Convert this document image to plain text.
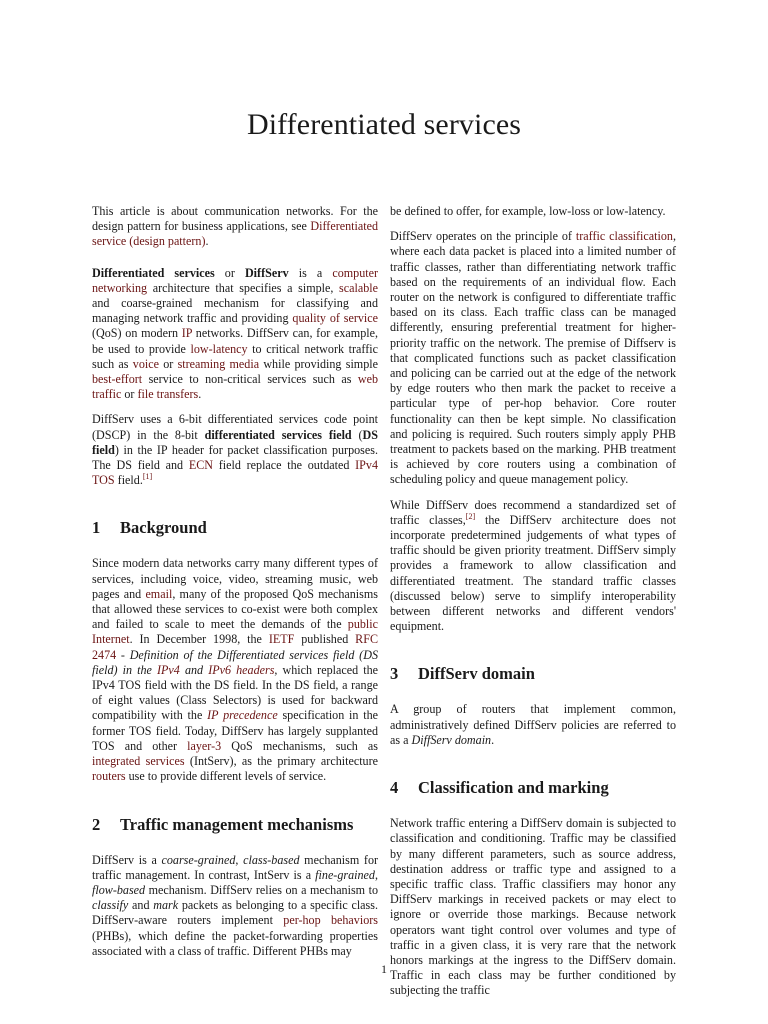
Differentiated services

This article is about communication networks. For the design pattern for business applications, see Differentiated service (design pattern).

Differentiated services or DiffServ is a computer networking architecture that specifies a simple, scalable and coarse-grained mechanism for classifying and managing network traffic and providing quality of service (QoS) on modern IP networks. DiffServ can, for example, be used to provide low-latency to critical network traffic such as voice or streaming media while providing simple best-effort service to non-critical services such as web traffic or file transfers.

DiffServ uses a 6-bit differentiated services code point (DSCP) in the 8-bit differentiated services field (DS field) in the IP header for packet classification purposes. The DS field and ECN field replace the outdated IPv4 TOS field.[1]

1 Background

Since modern data networks carry many different types of services, including voice, video, streaming music, web pages and email, many of the proposed QoS mechanisms that allowed these services to co-exist were both complex and failed to scale to meet the demands of the public Internet. In December 1998, the IETF published RFC 2474 - Definition of the Differentiated services field (DS field) in the IPv4 and IPv6 headers, which replaced the IPv4 TOS field with the DS field. In the DS field, a range of eight values (Class Selectors) is used for backward compatibility with the IP precedence specification in the former TOS field. Today, DiffServ has largely supplanted TOS and other layer-3 QoS mechanisms, such as integrated services (IntServ), as the primary architecture routers use to provide different levels of service.

2 Traffic management mechanisms

DiffServ is a coarse-grained, class-based mechanism for traffic management. In contrast, IntServ is a fine-grained, flow-based mechanism. DiffServ relies on a mechanism to classify and mark packets as belonging to a specific class. DiffServ-aware routers implement per-hop behaviors (PHBs), which define the packet-forwarding properties associated with a class of traffic. Different PHBs may

be defined to offer, for example, low-loss or low-latency.

DiffServ operates on the principle of traffic classification, where each data packet is placed into a limited number of traffic classes, rather than differentiating network traffic based on the requirements of an individual flow. Each router on the network is configured to differentiate traffic based on its class. Each traffic class can be managed differently, ensuring preferential treatment for higher-priority traffic on the network. The premise of Diffserv is that complicated functions such as packet classification and policing can be carried out at the edge of the network by edge routers who then mark the packet to receive a particular type of per-hop behavior. Core router functionality can then be kept simple. No classification and policing is required. Such routers simply apply PHB treatment to packets based on the marking. PHB treatment is achieved by core routers using a combination of scheduling policy and queue management policy.

While DiffServ does recommend a standardized set of traffic classes,[2] the DiffServ architecture does not incorporate predetermined judgements of what types of traffic should be given priority treatment. DiffServ simply provides a framework to allow classification and differentiated treatment. The standard traffic classes (discussed below) serve to simplify interoperability between different networks and different vendors' equipment.

3 DiffServ domain

A group of routers that implement common, administratively defined DiffServ policies are referred to as a DiffServ domain.

4 Classification and marking

Network traffic entering a DiffServ domain is subjected to classification and conditioning. Traffic may be classified by many different parameters, such as source address, destination address or traffic type and assigned to a specific traffic class. Traffic classifiers may honor any DiffServ markings in received packets or may elect to ignore or override those markings. Because network operators want tight control over volumes and type of traffic in a given class, it is very rare that the network honors markings at the ingress to the DiffServ domain. Traffic in each class may be further conditioned by subjecting the traffic

1
